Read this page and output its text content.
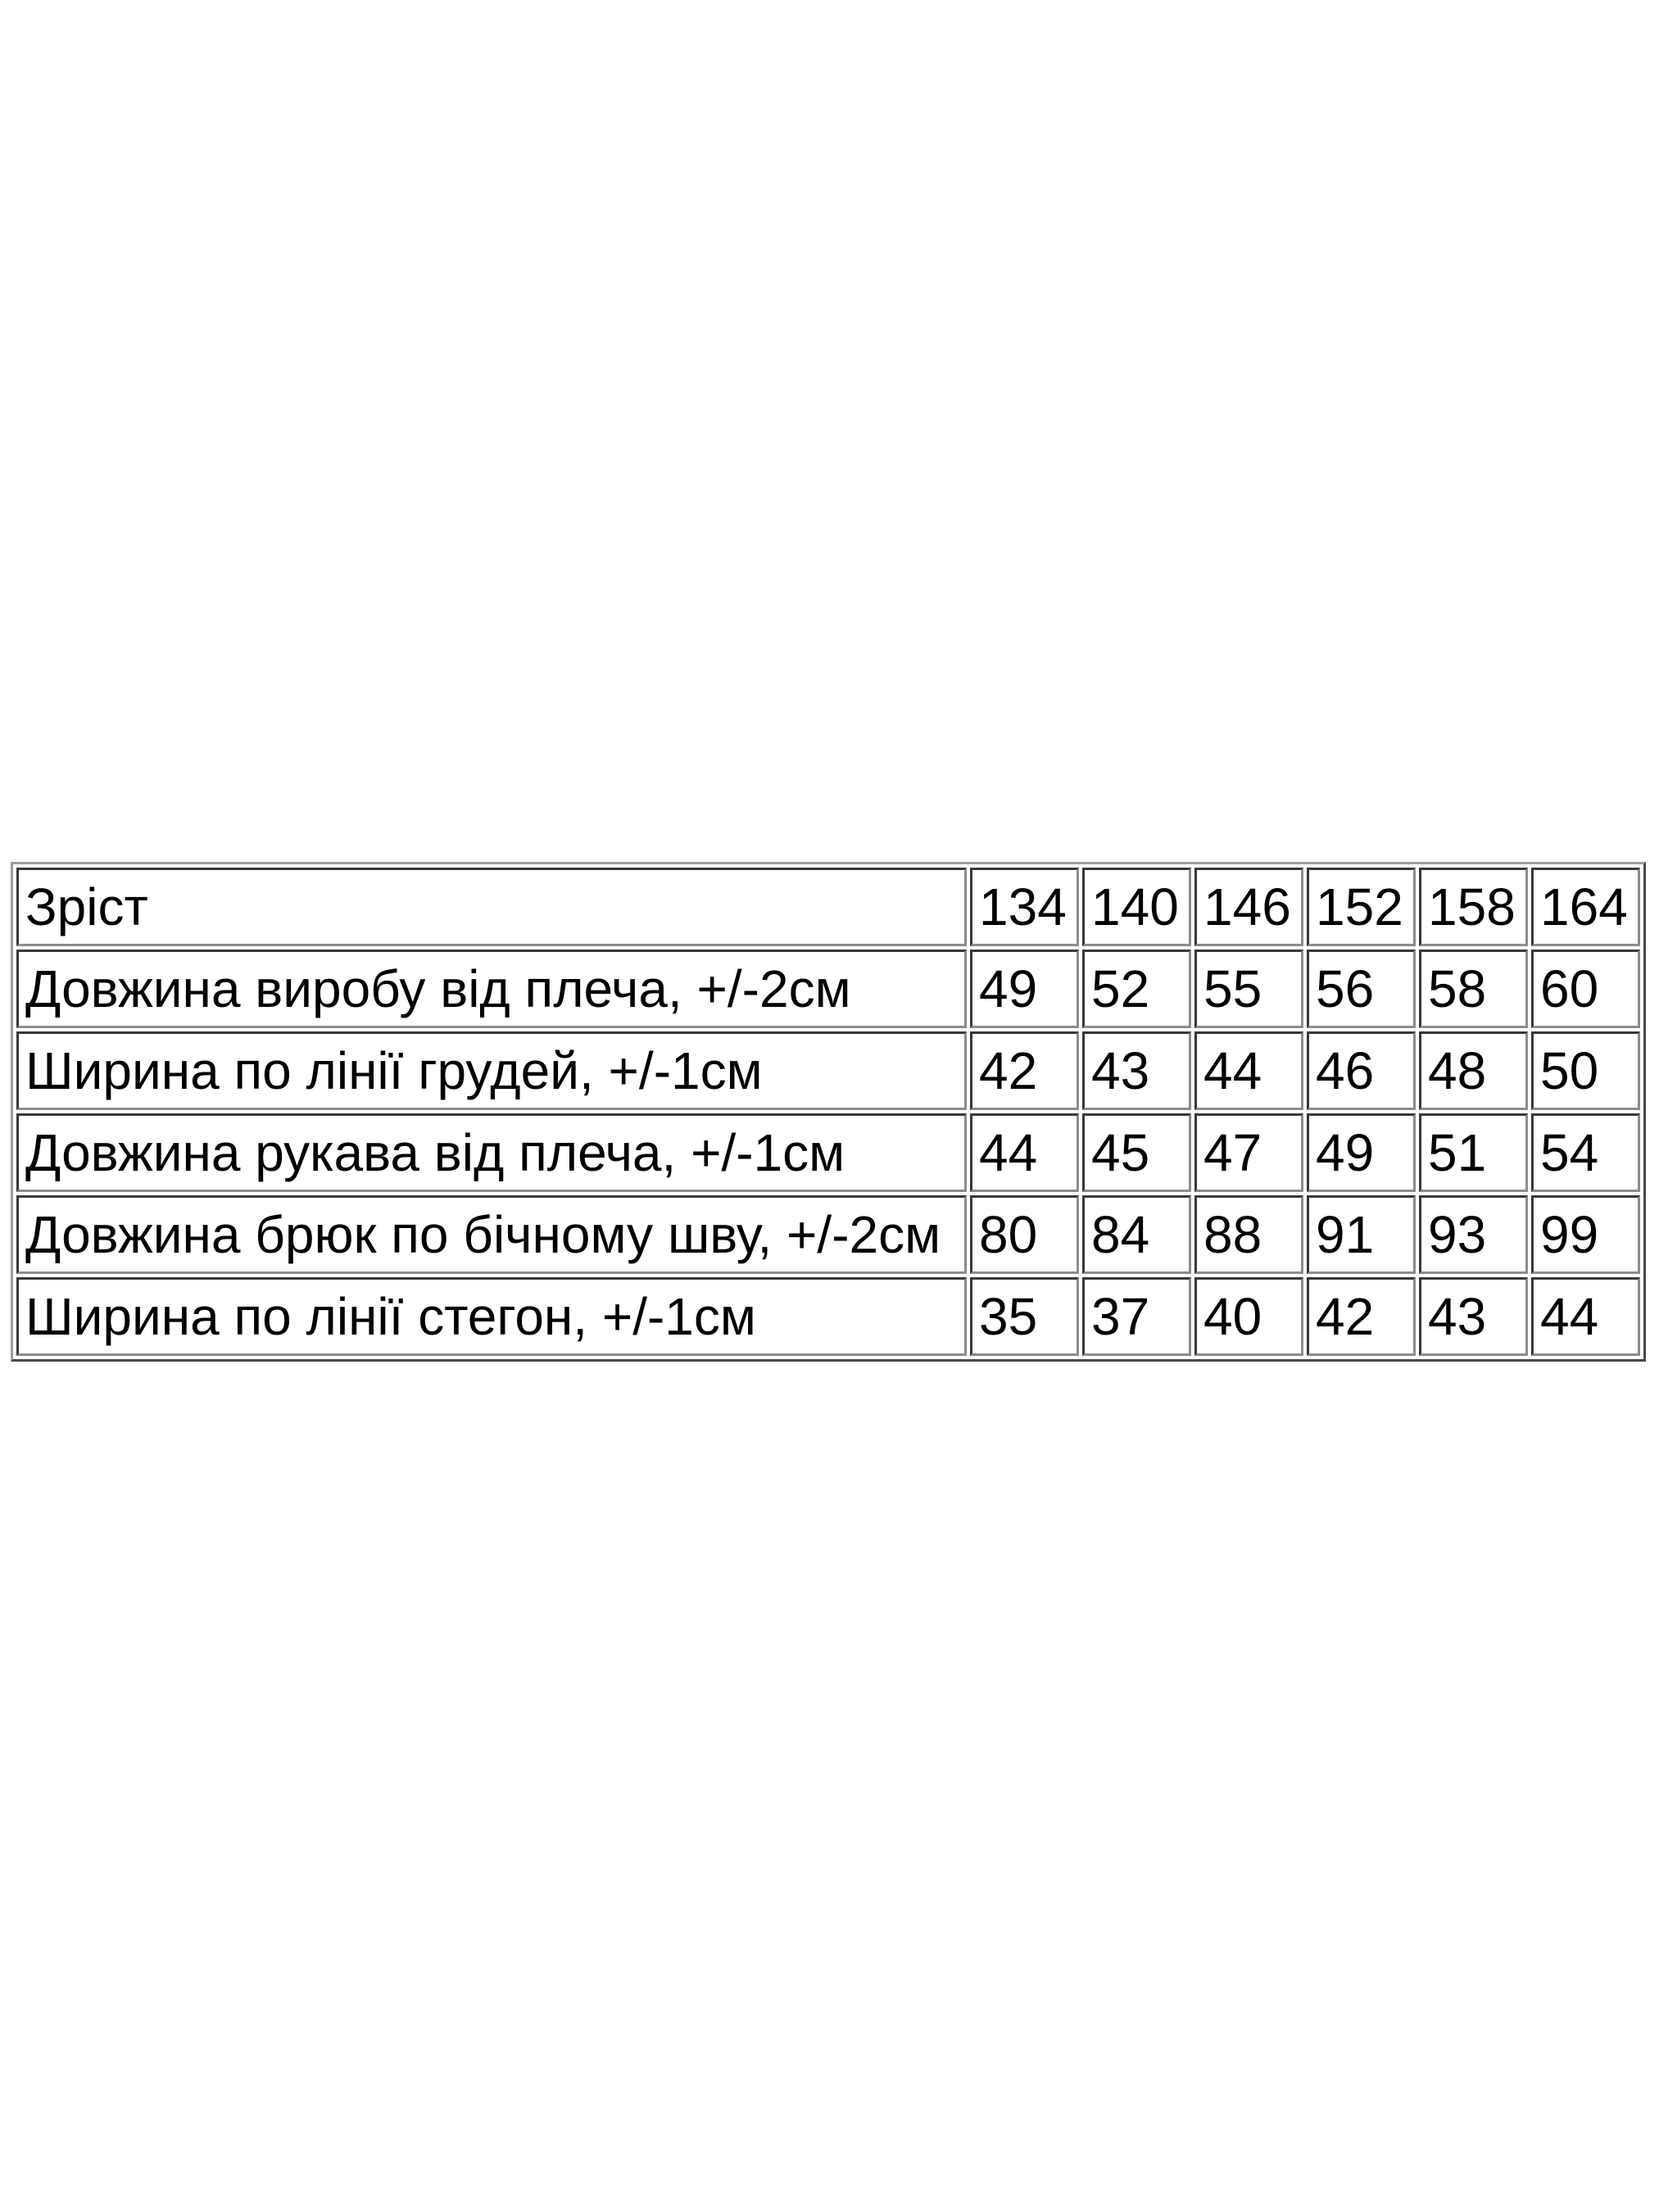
Зріст	134	140	146	152	158	164
Довжина виробу від плеча, +/-2см	49	52	55	56	58	60
Ширина по лінії грудей, +/-1см	42	43	44	46	48	50
Довжина рукава від плеча, +/-1см	44	45	47	49	51	54
Довжина брюк по бічному шву, +/-2см	80	84	88	91	93	99
Ширина по лінії стегон, +/-1см	35	37	40	42	43	44
